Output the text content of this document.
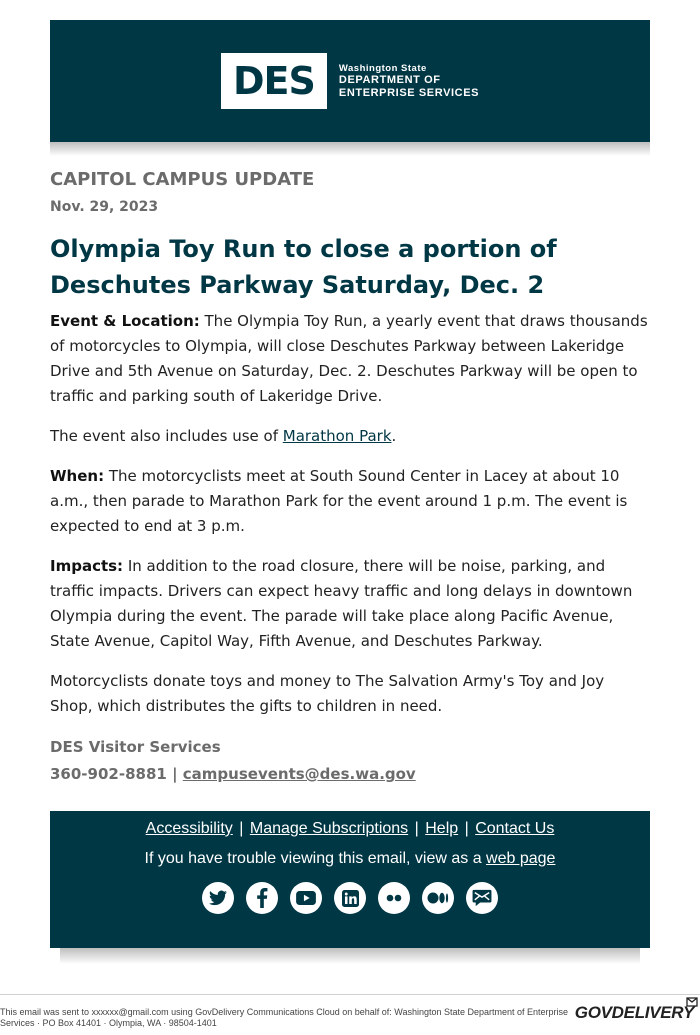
DES	Washington State
DEPARTMENT OF
ENTERPRISE SERVICES
CAPITOL CAMPUS UPDATE
Nov. 29, 2023
Olympia Toy Run to close a portion of
Deschutes Parkway Saturday, Dec. 2

Event & Location: The Olympia Toy Run, a yearly event that draws thousands of motorcycles to Olympia, will close Deschutes Parkway between Lakeridge Drive and 5th Avenue on Saturday, Dec. 2. Deschutes Parkway will be open to traffic and parking south of Lakeridge Drive.

The event also includes use of Marathon Park.

When: The motorcyclists meet at South Sound Center in Lacey at about 10 a.m., then parade to Marathon Park for the event around 1 p.m. The event is expected to end at 3 p.m.

Impacts: In addition to the road closure, there will be noise, parking, and traffic impacts. Drivers can expect heavy traffic and long delays in downtown Olympia during the event. The parade will take place along Pacific Avenue, State Avenue, Capitol Way, Fifth Avenue, and Deschutes Parkway.

Motorcyclists donate toys and money to The Salvation Army's Toy and Joy Shop, which distributes the gifts to children in need.

DES Visitor Services
360-902-8881 | campusevents@des.wa.gov
Accessibility | Manage Subscriptions | Help | Contact Us
If you have trouble viewing this email, view as a web page
This email was sent to xxxxxx@gmail.com using GovDelivery Communications Cloud on behalf of: Washington State Department of Enterprise Services · PO Box 41401 · Olympia, WA · 98504-1401
GOVDELIVERY
